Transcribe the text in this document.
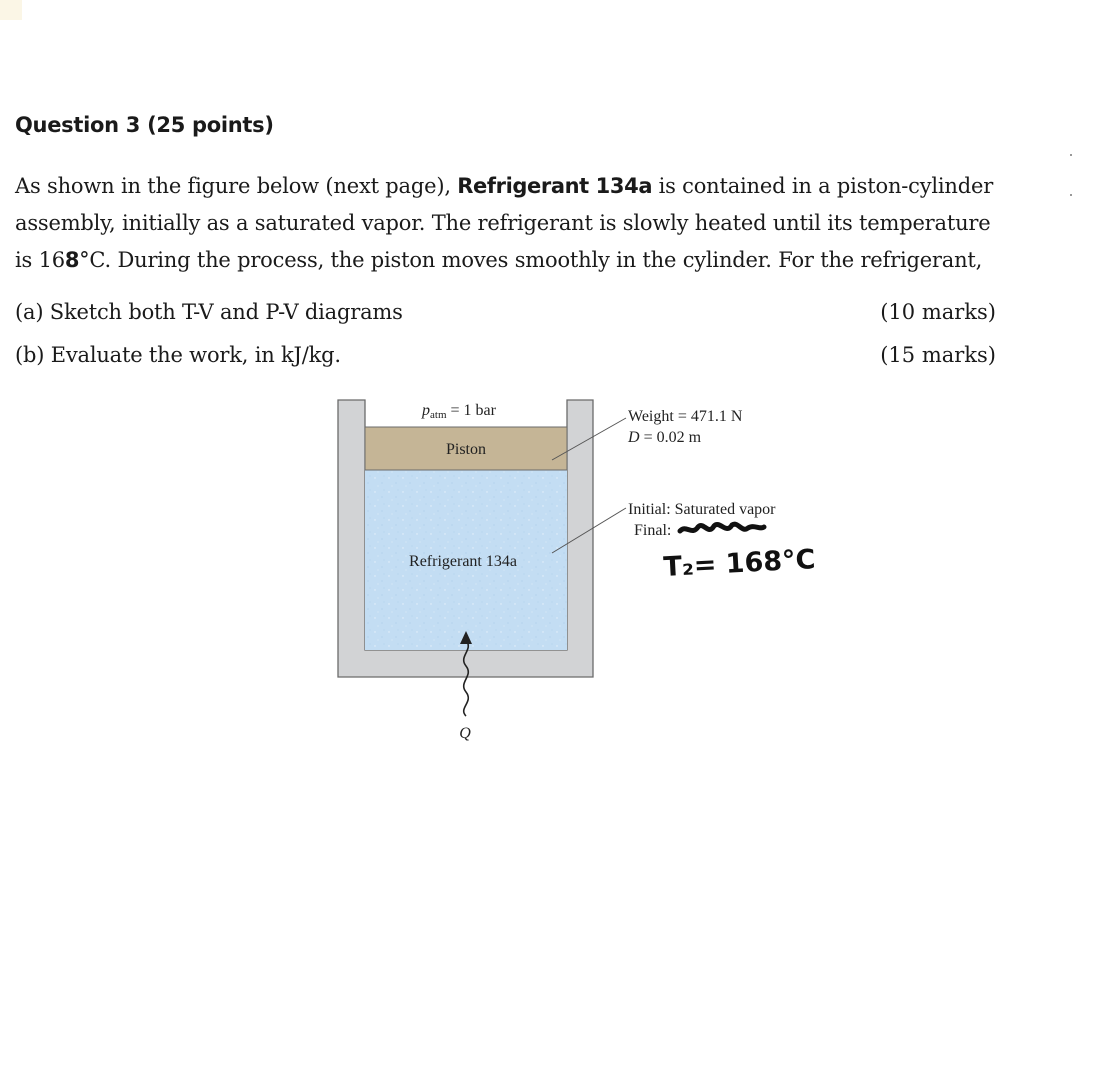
Question 3 (25 points)
As shown in the figure below (next page), Refrigerant 134a is contained in a piston-cylinder
assembly, initially as a saturated vapor. The refrigerant is slowly heated until its temperature
is 168°C. During the process, the piston moves smoothly in the cylinder. For the refrigerant,
(a) Sketch both T-V and P-V diagrams	(10 marks)
(b) Evaluate the work, in kJ/kg.	(15 marks)
patm = 1 bar
Piston
Refrigerant 134a
Weight = 471.1 N
D = 0.02 m
Initial: Saturated vapor
Final:
Q
T₂= 168°C
